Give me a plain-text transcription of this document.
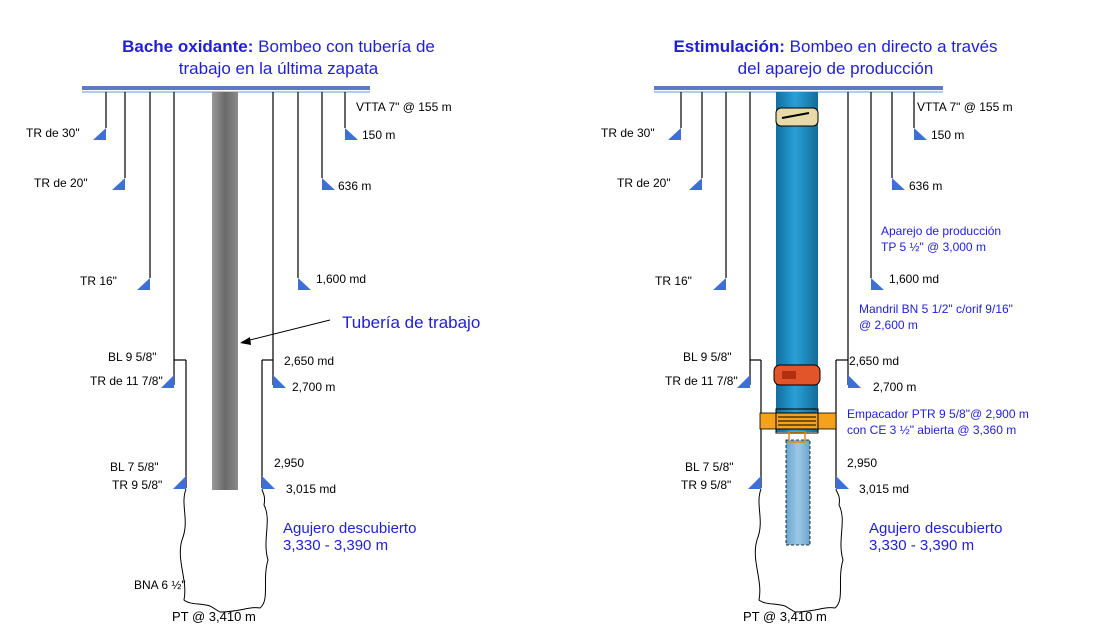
Bache oxidante: Bombeo con tubería de
trabajo en la última zapata
TR de 30"
TR de 20"
TR 16"
BL 9 5/8"
TR de 11 7/8"
BL 7 5/8"
TR 9 5/8"
BNA 6 ½"
VTTA 7" @ 155 m
150 m
636 m
1,600 md
2,650 md
2,700 m
2,950
3,015 md
Tubería de trabajo
Agujero descubierto
3,330 - 3,390 m
PT @ 3,410 m
Estimulación: Bombeo en directo a través
del aparejo de producción
TR de 30"
TR de 20"
TR 16"
BL 9 5/8"
TR de 11 7/8"
BL 7 5/8"
TR 9 5/8"
VTTA 7" @ 155 m
150 m
636 m
Aparejo de producción
TP 5 ½" @ 3,000 m
1,600 md
Mandril BN 5 1/2" c/orif 9/16"
@ 2,600 m
2,650 md
2,700 m
Empacador PTR 9 5/8"@ 2,900 m
con CE 3 ½" abierta @ 3,360 m
2,950
3,015 md
Agujero descubierto
3,330 - 3,390 m
PT @ 3,410 m
